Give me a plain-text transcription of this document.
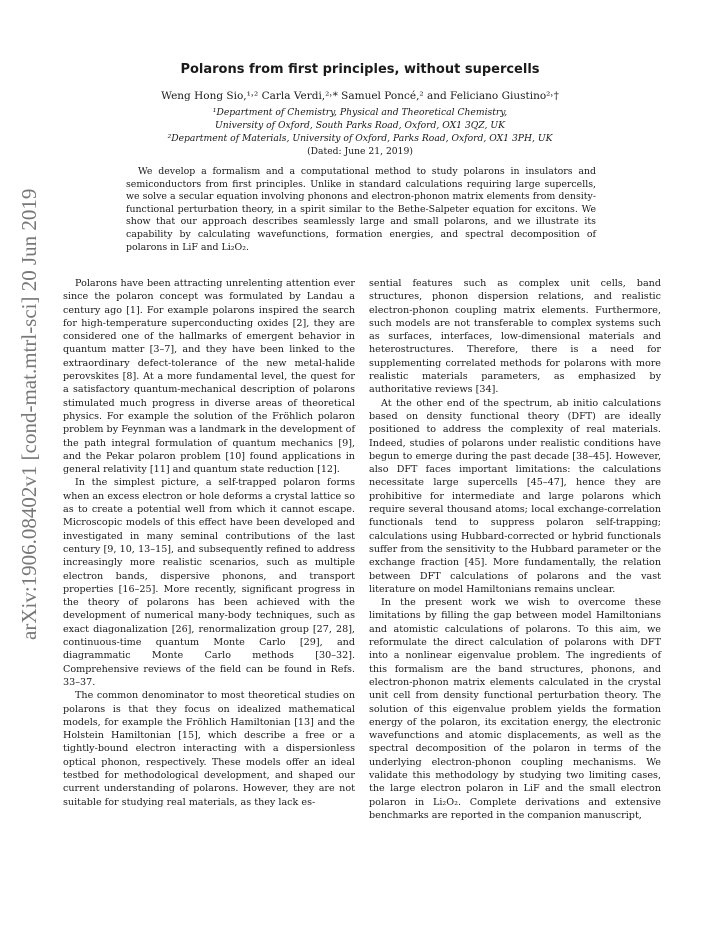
arXiv:1906.08402v1 [cond-mat.mtrl-sci] 20 Jun 2019
Polarons from first principles, without supercells
Weng Hong Sio,¹˒² Carla Verdi,²˒* Samuel Poncé,² and Feliciano Giustino²˒†
¹Department of Chemistry, Physical and Theoretical Chemistry,
University of Oxford, South Parks Road, Oxford, OX1 3QZ, UK
²Department of Materials, University of Oxford, Parks Road, Oxford, OX1 3PH, UK
(Dated: June 21, 2019)
We develop a formalism and a computational method to study polarons in insulators and semiconductors from first principles. Unlike in standard calculations requiring large supercells, we solve a secular equation involving phonons and electron-phonon matrix elements from density-functional perturbation theory, in a spirit similar to the Bethe-Salpeter equation for excitons. We show that our approach describes seamlessly large and small polarons, and we illustrate its capability by calculating wavefunctions, formation energies, and spectral decomposition of polarons in LiF and Li₂O₂.

Polarons have been attracting unrelenting attention ever since the polaron concept was formulated by Landau a century ago [1]. For example polarons inspired the search for high-temperature superconducting oxides [2], they are considered one of the hallmarks of emergent behavior in quantum matter [3–7], and they have been linked to the extraordinary defect-tolerance of the new metal-halide perovskites [8]. At a more fundamental level, the quest for a satisfactory quantum-mechanical description of polarons stimulated much progress in diverse areas of theoretical physics. For example the solution of the Fröhlich polaron problem by Feynman was a landmark in the development of the path integral formulation of quantum mechanics [9], and the Pekar polaron problem [10] found applications in general relativity [11] and quantum state reduction [12].

In the simplest picture, a self-trapped polaron forms when an excess electron or hole deforms a crystal lattice so as to create a potential well from which it cannot escape. Microscopic models of this effect have been developed and investigated in many seminal contributions of the last century [9, 10, 13–15], and subsequently refined to address increasingly more realistic scenarios, such as multiple electron bands, dispersive phonons, and transport properties [16–25]. More recently, significant progress in the theory of polarons has been achieved with the development of numerical many-body techniques, such as exact diagonalization [26], renormalization group [27, 28], continuous-time quantum Monte Carlo [29], and diagrammatic Monte Carlo methods [30–32]. Comprehensive reviews of the field can be found in Refs. 33–37.

The common denominator to most theoretical studies on polarons is that they focus on idealized mathematical models, for example the Fröhlich Hamiltonian [13] and the Holstein Hamiltonian [15], which describe a free or a tightly-bound electron interacting with a dispersionless optical phonon, respectively. These models offer an ideal testbed for methodological development, and shaped our current understanding of polarons. However, they are not suitable for studying real materials, as they lack es-

sential features such as complex unit cells, band structures, phonon dispersion relations, and realistic electron-phonon coupling matrix elements. Furthermore, such models are not transferable to complex systems such as surfaces, interfaces, low-dimensional materials and heterostructures. Therefore, there is a need for supplementing correlated methods for polarons with more realistic materials parameters, as emphasized by authoritative reviews [34].

At the other end of the spectrum, ab initio calculations based on density functional theory (DFT) are ideally positioned to address the complexity of real materials. Indeed, studies of polarons under realistic conditions have begun to emerge during the past decade [38–45]. However, also DFT faces important limitations: the calculations necessitate large supercells [45–47], hence they are prohibitive for intermediate and large polarons which require several thousand atoms; local exchange-correlation functionals tend to suppress polaron self-trapping; calculations using Hubbard-corrected or hybrid functionals suffer from the sensitivity to the Hubbard parameter or the exchange fraction [45]. More fundamentally, the relation between DFT calculations of polarons and the vast literature on model Hamiltonians remains unclear.

In the present work we wish to overcome these limitations by filling the gap between model Hamiltonians and atomistic calculations of polarons. To this aim, we reformulate the direct calculation of polarons with DFT into a nonlinear eigenvalue problem. The ingredients of this formalism are the band structures, phonons, and electron-phonon matrix elements calculated in the crystal unit cell from density functional perturbation theory. The solution of this eigenvalue problem yields the formation energy of the polaron, its excitation energy, the electronic wavefunctions and atomic displacements, as well as the spectral decomposition of the polaron in terms of the underlying electron-phonon coupling mechanisms. We validate this methodology by studying two limiting cases, the large electron polaron in LiF and the small electron polaron in Li₂O₂. Complete derivations and extensive benchmarks are reported in the companion manuscript,
